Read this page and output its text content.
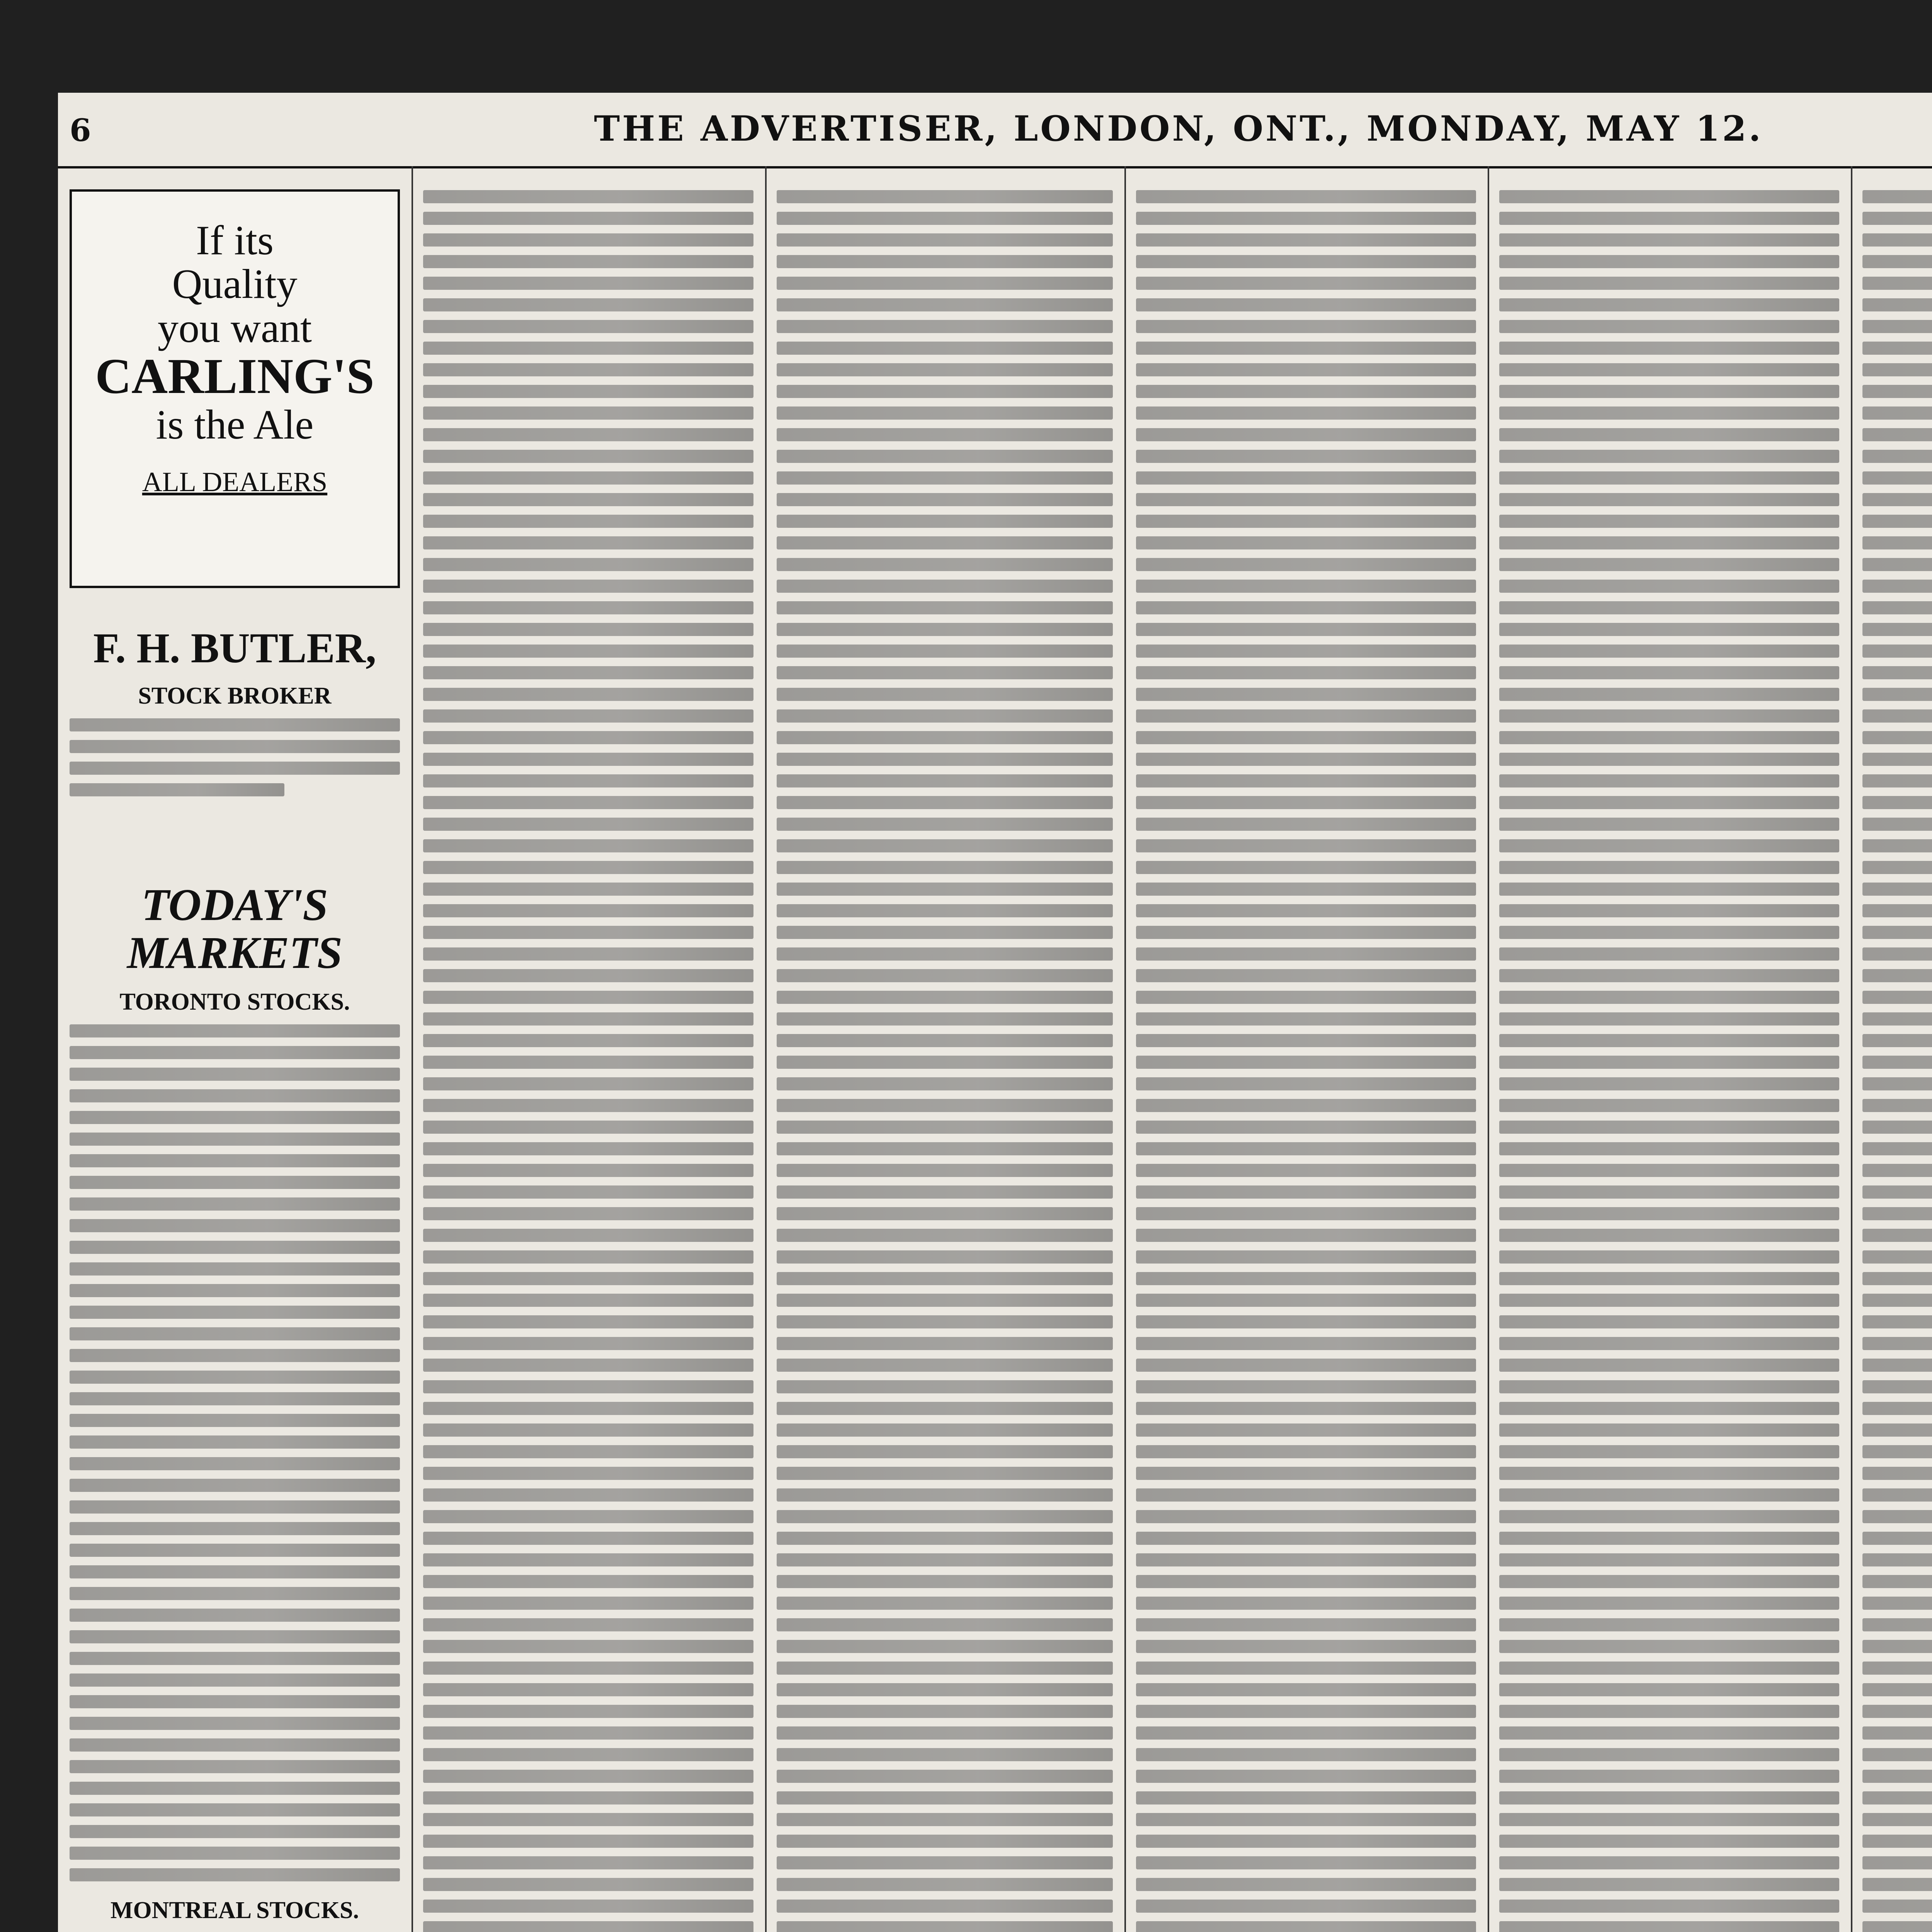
6	THE ADVERTISER, LONDON, ONT., MONDAY, MAY 12.
If its
Quality
you want
CARLING'S
is the Ale
ALL DEALERS
F. H. BUTLER,
STOCK BROKER
TODAY'S MARKETS
TORONTO STOCKS.
MONTREAL STOCKS.
